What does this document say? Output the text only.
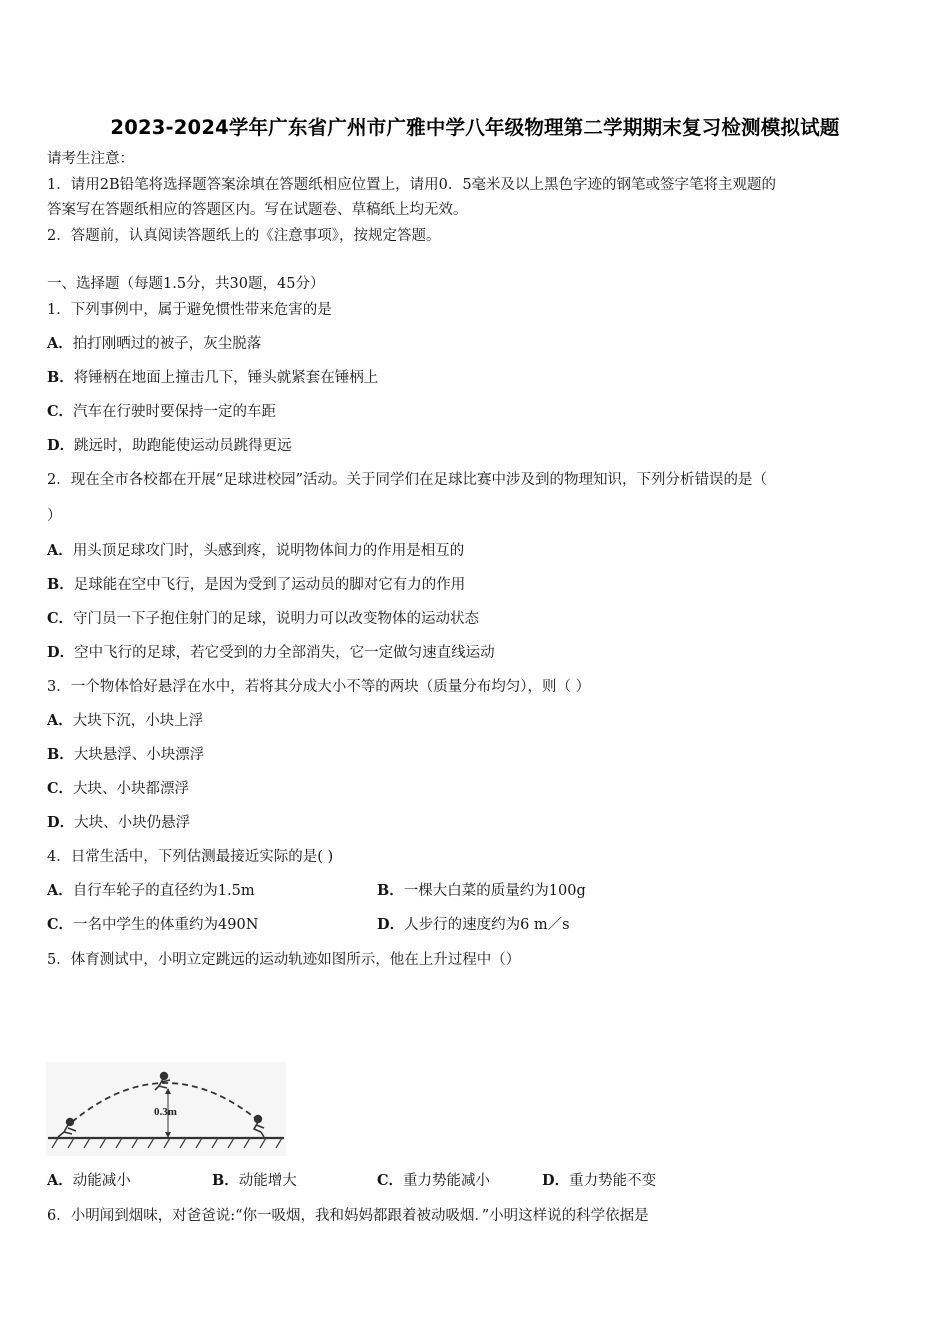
2023-2024学年广东省广州市广雅中学八年级物理第二学期期末复习检测模拟试题
请考生注意：
1．请用2B铅笔将选择题答案涂填在答题纸相应位置上，请用0．5毫米及以上黑色字迹的钢笔或签字笔将主观题的
答案写在答题纸相应的答题区内。写在试题卷、草稿纸上均无效。
2．答题前，认真阅读答题纸上的《注意事项》，按规定答题。
一、选择题（每题1.5分，共30题，45分）
1．下列事例中，属于避免惯性带来危害的是
A．拍打刚晒过的被子，灰尘脱落
B．将锤柄在地面上撞击几下，锤头就紧套在锤柄上
C．汽车在行驶时要保持一定的车距
D．跳远时，助跑能使运动员跳得更远
2．现在全市各校都在开展“足球进校园”活动。关于同学们在足球比赛中涉及到的物理知识，下列分析错误的是（
）
A．用头顶足球攻门时，头感到疼，说明物体间力的作用是相互的
B．足球能在空中飞行，是因为受到了运动员的脚对它有力的作用
C．守门员一下子抱住射门的足球，说明力可以改变物体的运动状态
D．空中飞行的足球，若它受到的力全部消失，它一定做匀速直线运动
3．一个物体恰好悬浮在水中，若将其分成大小不等的两块（质量分布均匀），则（ ）
A．大块下沉，小块上浮
B．大块悬浮、小块漂浮
C．大块、小块都漂浮
D．大块、小块仍悬浮
4．日常生活中，下列估测最接近实际的是( )
A．自行车轮子的直径约为1.5m	B．一棵大白菜的质量约为100g
C．一名中学生的体重约为490N	D．人步行的速度约为6 m／s
5．体育测试中，小明立定跳远的运动轨迹如图所示，他在上升过程中（）
0.3m
A．动能减小	B．动能增大	C．重力势能减小	D．重力势能不变
6．小明闻到烟味，对爸爸说:“你一吸烟，我和妈妈都跟着被动吸烟．”小明这样说的科学依据是
